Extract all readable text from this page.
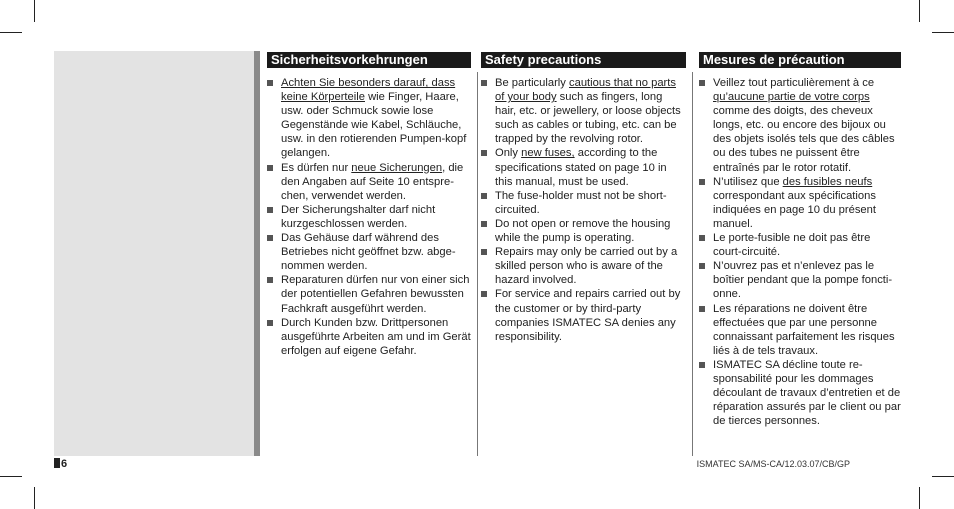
Sicherheitsvorkehrungen
Achten Sie besonders darauf, dass keine Körperteile wie Finger, Haare, usw. oder Schmuck sowie lose Gegenstände wie Kabel, Schläuche, usw. in den rotierenden Pumpen-kopf gelangen.
Es dürfen nur neue Sicherungen, die den Angaben auf Seite 10 entspre-chen, verwendet werden.
Der Sicherungshalter darf nicht kurzgeschlossen werden.
Das Gehäuse darf während des Betriebes nicht geöffnet bzw. abge-nommen werden.
Reparaturen dürfen nur von einer sich der potentiellen Gefahren bewussten Fachkraft ausgeführt werden.
Durch Kunden bzw. Drittpersonen ausgeführte Arbeiten am und im Gerät erfolgen auf eigene Gefahr.
Safety precautions
Be particularly cautious that no parts of your body such as fingers, long hair, etc. or jewellery, or loose objects such as cables or tubing, etc. can be trapped by the revolving rotor.
Only new fuses, according to the specifications stated on page 10 in this manual, must be used.
The fuse-holder must not be short-circuited.
Do not open or remove the housing while the pump is operating.
Repairs may only be carried out by a skilled person who is aware of the hazard involved.
For service and repairs carried out by the customer or by third-party companies ISMATEC SA denies any responsibility.
Mesures de précaution
Veillez tout particulièrement à ce qu’aucune partie de votre corps comme des doigts, des cheveux longs, etc. ou encore des bijoux ou des objets isolés tels que des câbles ou des tubes ne puissent être entraînés par le rotor rotatif.
N’utilisez que des fusibles neufs correspondant aux spécifications indiquées en page 10 du présent manuel.
Le porte-fusible ne doit pas être court-circuité.
N’ouvrez pas et n’enlevez pas le boîtier pendant que la pompe foncti-onne.
Les réparations ne doivent être effectuées que par une personne connaissant parfaitement les risques liés à de tels travaux.
ISMATEC SA décline toute re-sponsabilité pour les dommages découlant de travaux d’entretien et de réparation assurés par le client ou par de tierces personnes.
6	ISMATEC SA/MS-CA/12.03.07/CB/GP
